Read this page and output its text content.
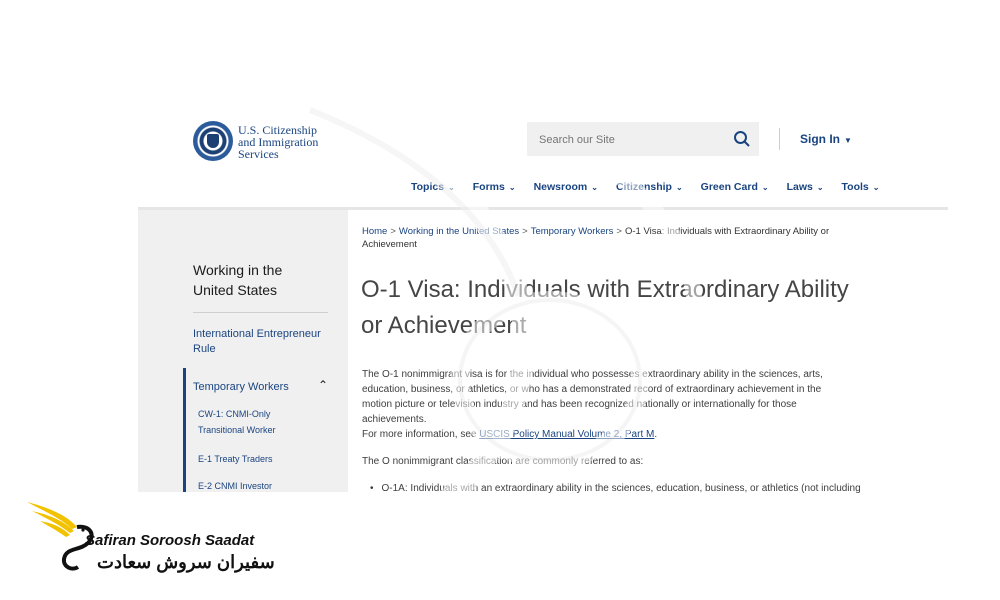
U.S. Citizenship
and Immigration
Services
Search our Site
Sign In ▼
Topics ⌄ Forms ⌄ Newsroom ⌄ Citizenship ⌄ Green Card ⌄ Laws ⌄ Tools ⌄
Working in the United States
International Entrepreneur Rule
Temporary Workers ⌃
CW-1: CNMI-Only Transitional Worker
E-1 Treaty Traders
E-2 CNMI Investor
Home > Working in the United States > Temporary Workers > O-1 Visa: Individuals with Extraordinary Ability or Achievement
O-1 Visa: Individuals with Extraordinary Ability or Achievement

The O-1 nonimmigrant visa is for the individual who possesses extraordinary ability in the sciences, arts, education, business, or athletics, or who has a demonstrated record of extraordinary achievement in the motion picture or television industry and has been recognized nationally or internationally for those achievements.

For more information, see USCIS Policy Manual Volume 2, Part M.

The O nonimmigrant classification are commonly referred to as:

• O-1A: Individuals with an extraordinary ability in the sciences, education, business, or athletics (not including
Safiran Soroosh Saadat
سفیران سروش سعادت
